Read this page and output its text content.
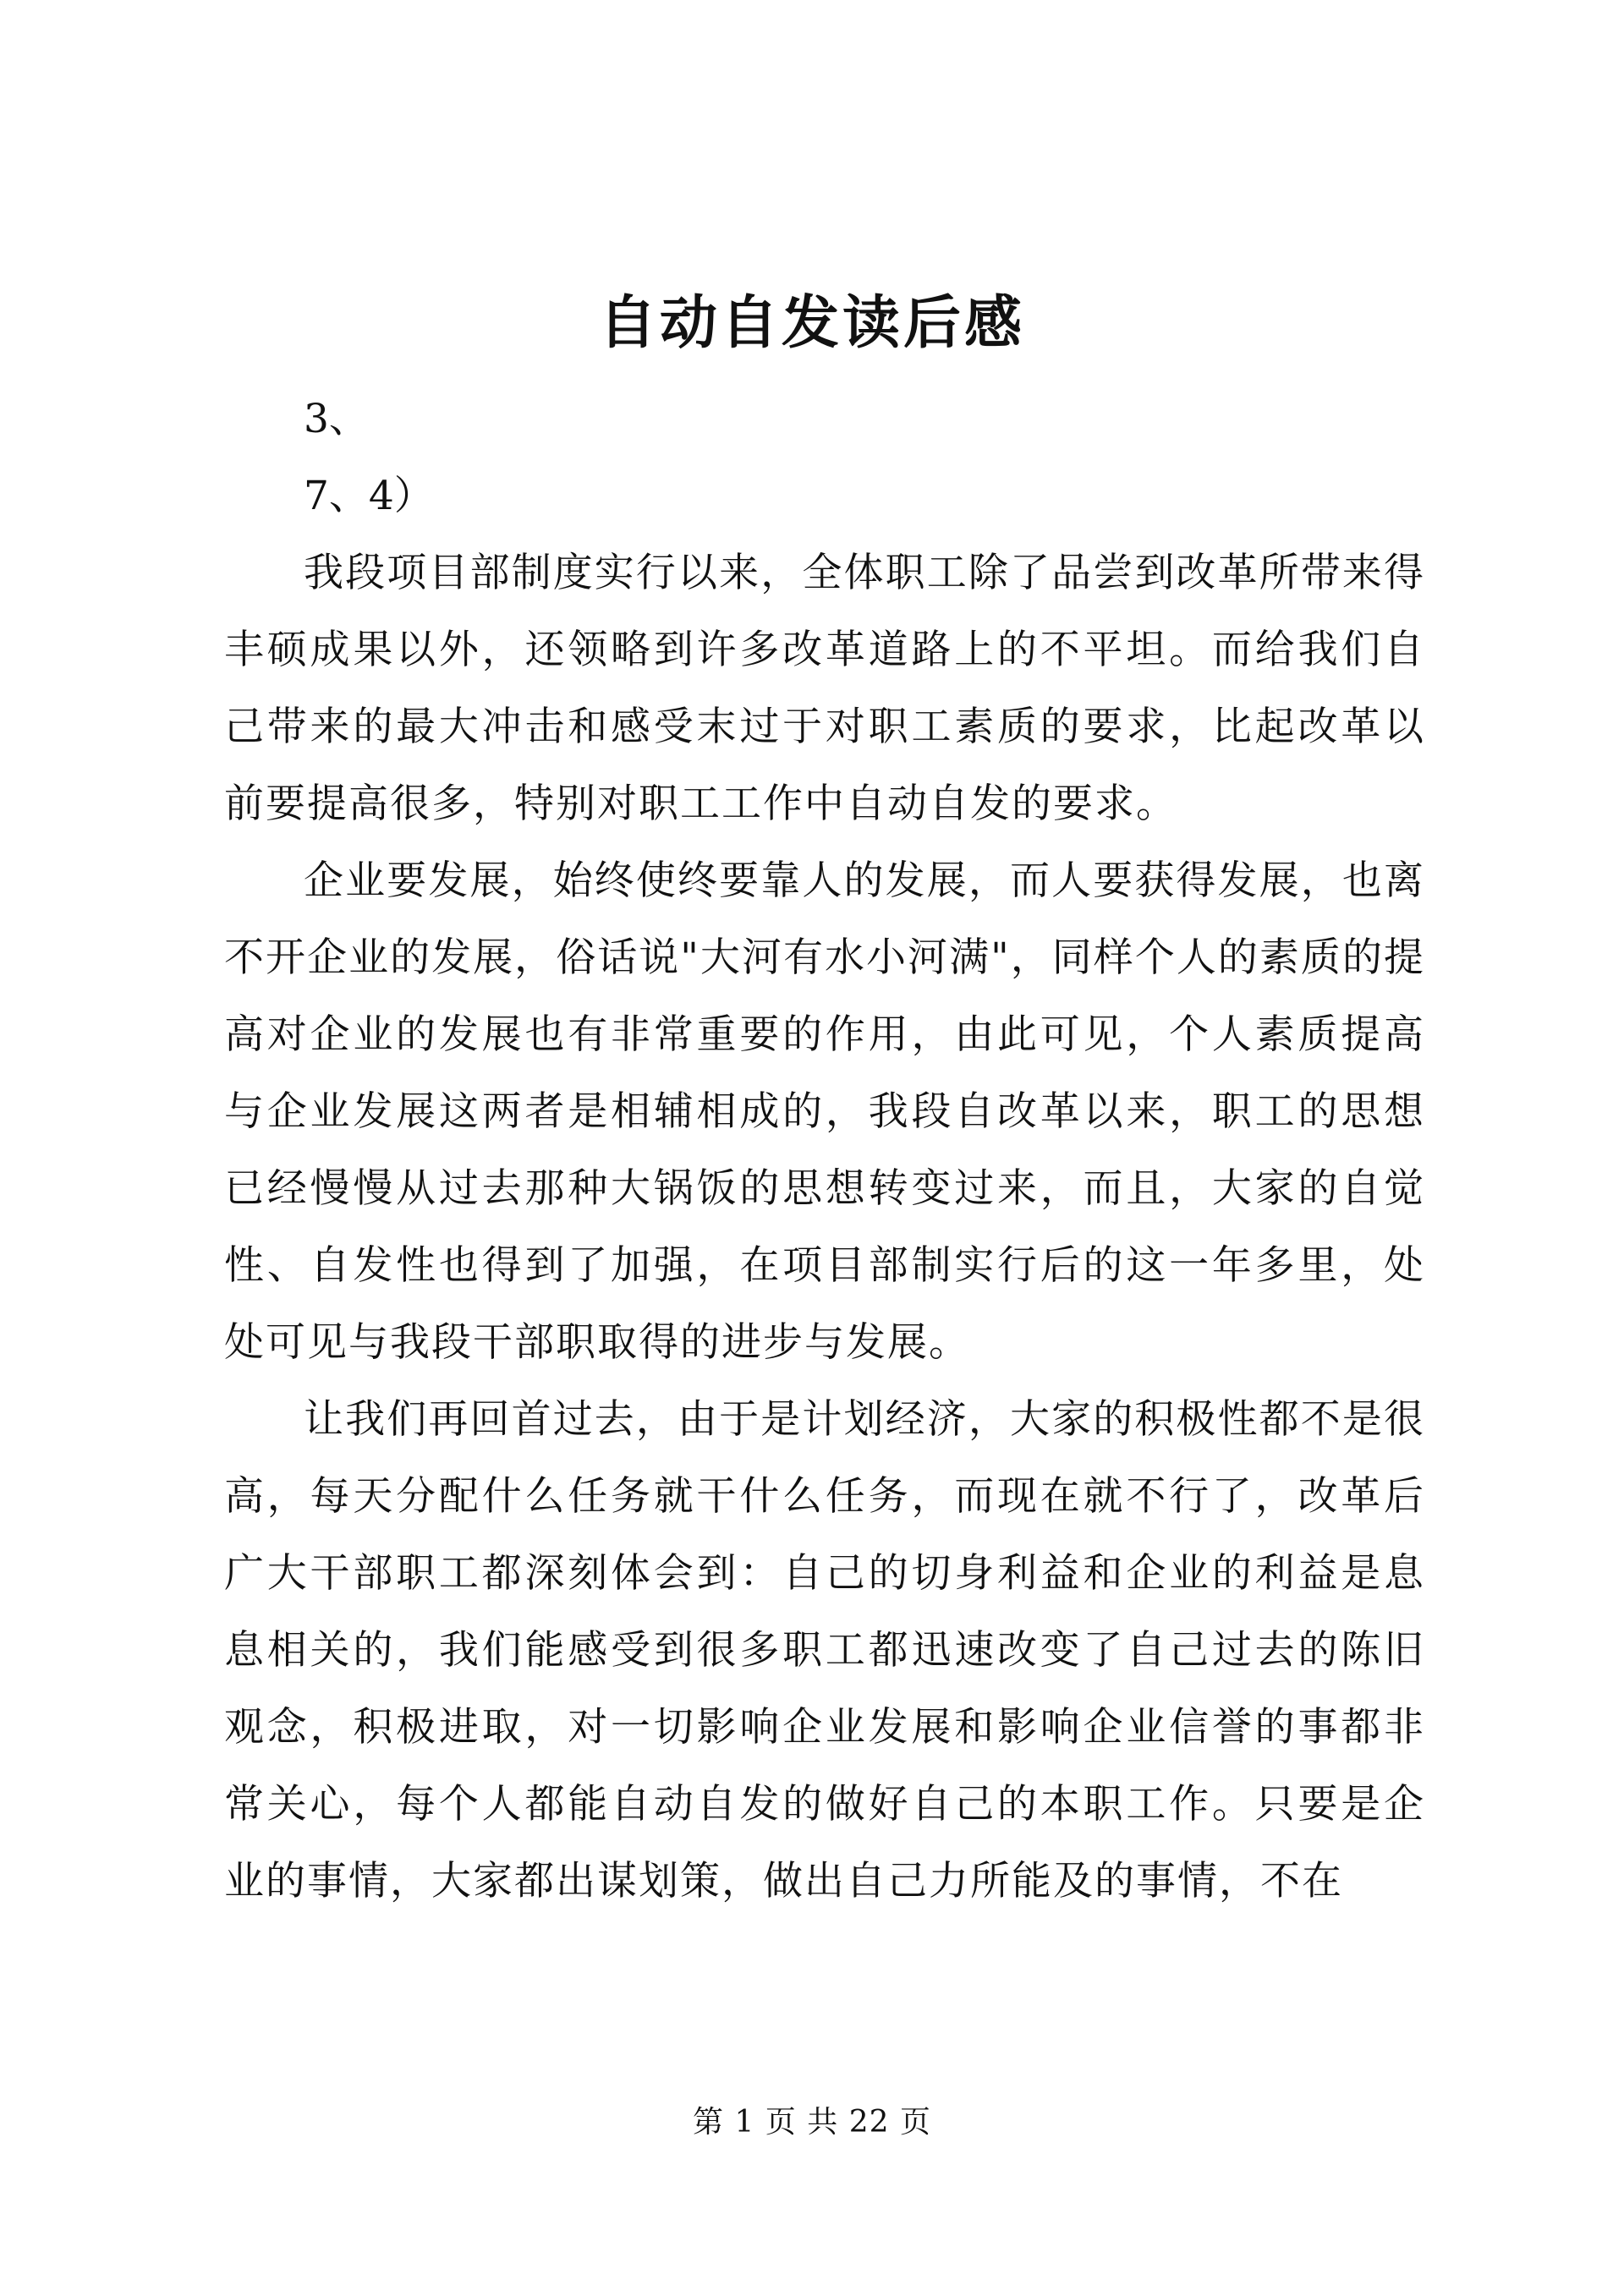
自动自发读后感

3、

7、4）

我段项目部制度实行以来，全体职工除了品尝到改革所带来得丰硕成果以外，还领略到许多改革道路上的不平坦。而给我们自己带来的最大冲击和感受末过于对职工素质的要求，比起改革以前要提高很多，特别对职工工作中自动自发的要求。

企业要发展，始终使终要靠人的发展，而人要获得发展，也离不开企业的发展，俗话说"大河有水小河满"，同样个人的素质的提高对企业的发展也有非常重要的作用，由此可见，个人素质提高与企业发展这两者是相辅相成的，我段自改革以来，职工的思想已经慢慢从过去那种大锅饭的思想转变过来，而且，大家的自觉性、自发性也得到了加强，在项目部制实行后的这一年多里，处处可见与我段干部职取得的进步与发展。

让我们再回首过去，由于是计划经济，大家的积极性都不是很高，每天分配什么任务就干什么任务，而现在就不行了，改革后广大干部职工都深刻体会到：自己的切身利益和企业的利益是息息相关的，我们能感受到很多职工都迅速改变了自己过去的陈旧观念，积极进取，对一切影响企业发展和影响企业信誉的事都非常关心，每个人都能自动自发的做好自己的本职工作。只要是企业的事情，大家都出谋划策，做出自己力所能及的事情，不在

第 1 页 共 22 页
